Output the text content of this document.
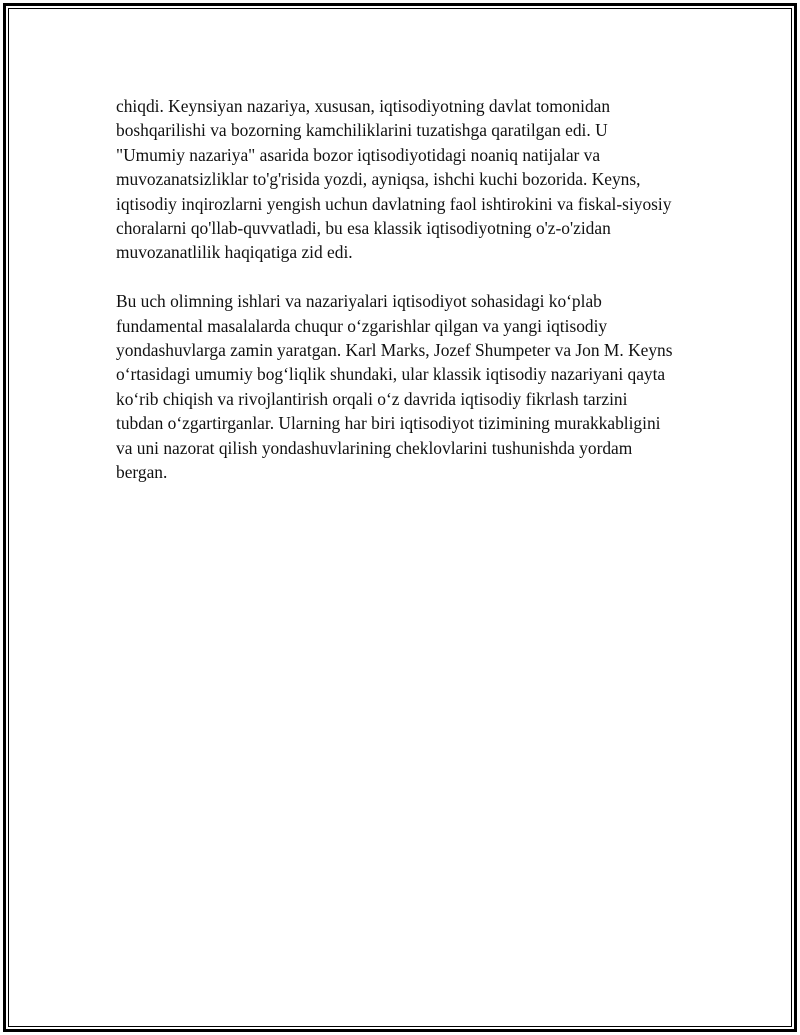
chiqdi. Keynsiyan nazariya, xususan, iqtisodiyotning davlat tomonidan boshqarilishi va bozorning kamchiliklarini tuzatishga qaratilgan edi. U "Umumiy nazariya" asarida bozor iqtisodiyotidagi noaniq natijalar va muvozanatsizliklar to'g'risida yozdi, ayniqsa, ishchi kuchi bozorida. Keyns, iqtisodiy inqirozlarni yengish uchun davlatning faol ishtirokini va fiskal-siyosiy choralarni qo'llab-quvvatladi, bu esa klassik iqtisodiyotning o'z-o'zidan muvozanatlilik haqiqatiga zid edi.

Bu uch olimning ishlari va nazariyalari iqtisodiyot sohasidagi ko‘plab fundamental masalalarda chuqur o‘zgarishlar qilgan va yangi iqtisodiy yondashuvlarga zamin yaratgan. Karl Marks, Jozef Shumpeter va Jon M. Keyns o‘rtasidagi umumiy bog‘liqlik shundaki, ular klassik iqtisodiy nazariyani qayta ko‘rib chiqish va rivojlantirish orqali o‘z davrida iqtisodiy fikrlash tarzini tubdan o‘zgartirganlar. Ularning har biri iqtisodiyot tizimining murakkabligini va uni nazorat qilish yondashuvlarining cheklovlarini tushunishda yordam bergan.
